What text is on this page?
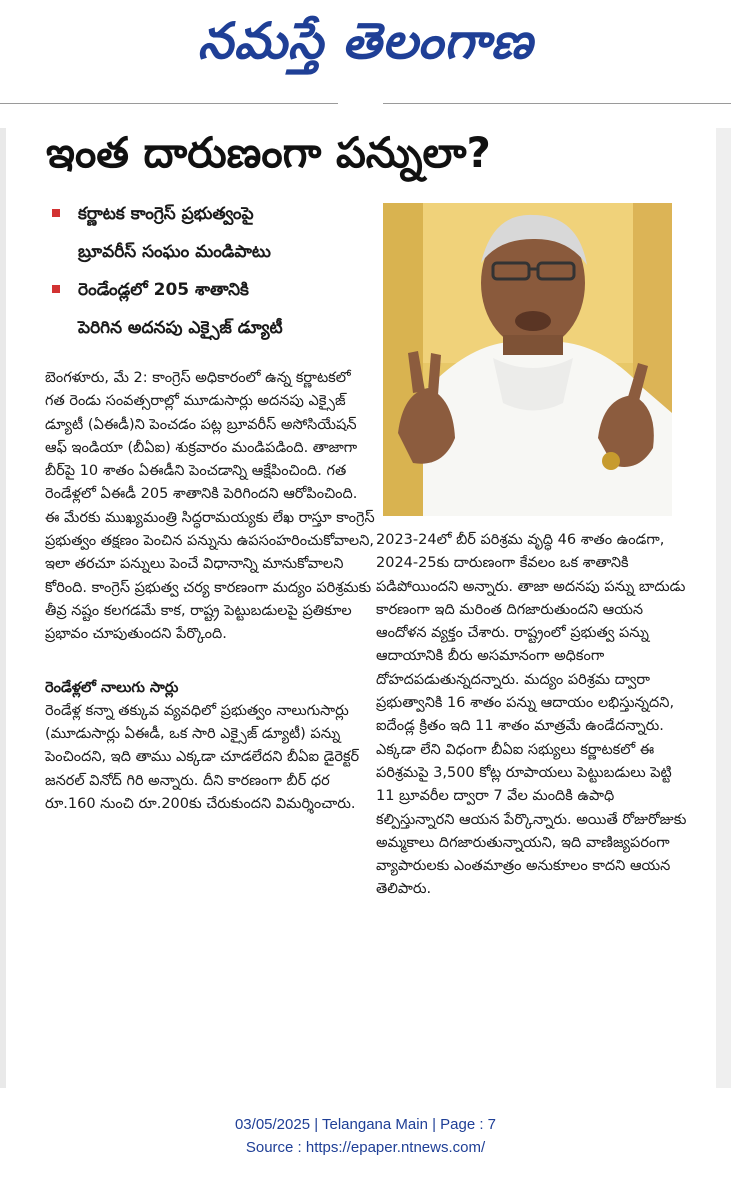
నమస్తే తెలంగాణ
ఇంత దారుణంగా పన్నులా?
కర్ణాటక కాంగ్రెస్ ప్రభుత్వంపై
బ్రూవరీస్ సంఘం మండిపాటు
రెండేండ్లలో 205 శాతానికి
పెరిగిన అదనపు ఎక్సైజ్ డ్యూటీ

బెంగళూరు, మే 2: కాంగ్రెస్ అధికారంలో ఉన్న కర్ణాటకలో గత రెండు సంవత్సరాల్లో మూడుసార్లు అదనపు ఎక్సైజ్ డ్యూటీ (ఏఈడీ)ని పెంచడం పట్ల బ్రూవరీస్ అసోసియేషన్ ఆఫ్ ఇండియా (బీఏఐ) శుక్రవారం మండిపడింది. తాజాగా బీర్‌పై 10 శాతం ఏఈడీని పెంచడాన్ని ఆక్షేపించింది. గత రెండేళ్లలో ఏఈడీ 205 శాతానికి పెరిగిందని ఆరోపించింది. ఈ మేరకు ముఖ్యమంత్రి సిద్ధరామయ్యకు లేఖ రాస్తూ కాంగ్రెస్ ప్రభుత్వం తక్షణం పెంచిన పన్నును ఉపసంహరించుకోవాలని, ఇలా తరచూ పన్నులు పెంచే విధానాన్ని మానుకోవాలని కోరింది. కాంగ్రెస్ ప్రభుత్వ చర్య కారణంగా మద్యం పరిశ్రమకు తీవ్ర నష్టం కలగడమే కాక, రాష్ట్ర పెట్టుబడులపై ప్రతికూల ప్రభావం చూపుతుందని పేర్కొంది.

రెండేళ్లలో నాలుగు సార్లు

రెండేళ్ల కన్నా తక్కువ వ్యవధిలో ప్రభుత్వం నాలుగుసార్లు (మూడుసార్లు ఏఈడీ, ఒక సారి ఎక్సైజ్ డ్యూటీ) పన్ను పెంచిందని, ఇది తాము ఎక్కడా చూడలేదని బీఏఐ డైరెక్టర్ జనరల్ వినోద్ గిరి అన్నారు. దీని కారణంగా బీర్ ధర రూ.160 నుంచి రూ.200కు చేరుకుందని విమర్శించారు.

2023-24లో బీర్ పరిశ్రమ వృద్ధి 46 శాతం ఉండగా, 2024-25కు దారుణంగా కేవలం ఒక శాతానికి పడిపోయిందని అన్నారు. తాజా అదనపు పన్ను బాదుడు కారణంగా ఇది మరింత దిగజారుతుందని ఆయన ఆందోళన వ్యక్తం చేశారు. రాష్ట్రంలో ప్రభుత్వ పన్ను ఆదాయానికి బీరు అసమానంగా అధికంగా దోహదపడుతున్నదన్నారు. మద్యం పరిశ్రమ ద్వారా ప్రభుత్వానికి 16 శాతం పన్ను ఆదాయం లభిస్తున్నదని, ఐదేండ్ల క్రితం ఇది 11 శాతం మాత్రమే ఉండేదన్నారు. ఎక్కడా లేని విధంగా బీఏఐ సభ్యులు కర్ణాటకలో ఈ పరిశ్రమపై 3,500 కోట్ల రూపాయలు పెట్టుబడులు పెట్టి 11 బ్రూవరీల ద్వారా 7 వేల మందికి ఉపాధి కల్పిస్తున్నారని ఆయన పేర్కొన్నారు. అయితే రోజురోజుకు అమ్మకాలు దిగజారుతున్నాయని, ఇది వాణిజ్యపరంగా వ్యాపారులకు ఎంతమాత్రం అనుకూలం కాదని ఆయన తెలిపారు.

03/05/2025 | Telangana Main | Page : 7
Source : https://epaper.ntnews.com/
